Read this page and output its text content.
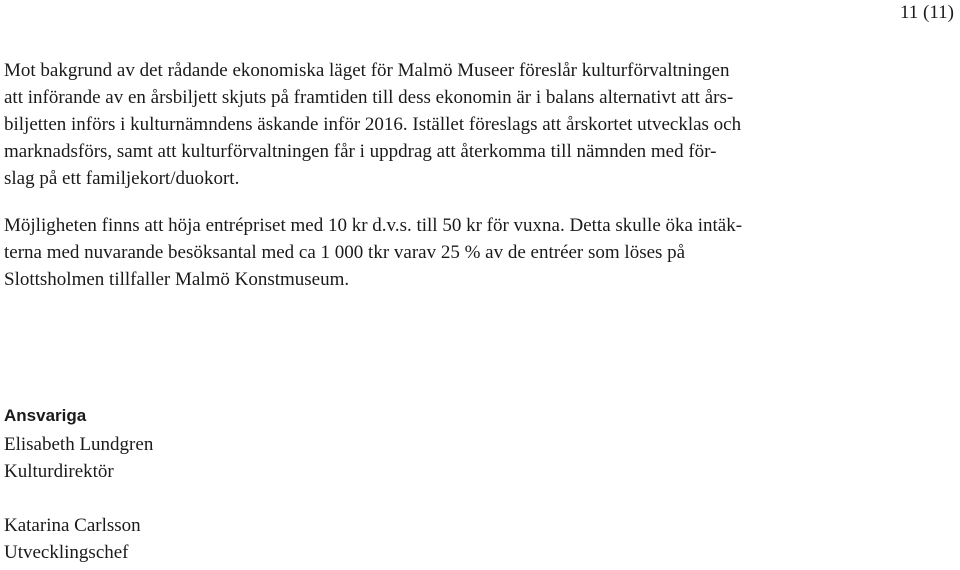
11 (11)

Mot bakgrund av det rådande ekonomiska läget för Malmö Museer föreslår kulturförvaltningen
att införande av en årsbiljett skjuts på framtiden till dess ekonomin är i balans alternativt att års-
biljetten införs i kulturnämndens äskande inför 2016. Istället föreslags att årskortet utvecklas och
marknadsförs, samt att kulturförvaltningen får i uppdrag att återkomma till nämnden med för-
slag på ett familjekort/duokort.

Möjligheten finns att höja entrépriset med 10 kr d.v.s. till 50 kr för vuxna. Detta skulle öka intäk-
terna med nuvarande besöksantal med ca 1 000 tkr varav 25 % av de entréer som löses på
Slottsholmen tillfaller Malmö Konstmuseum.

Ansvariga
Elisabeth Lundgren
Kulturdirektör
Katarina Carlsson
Utvecklingschef
